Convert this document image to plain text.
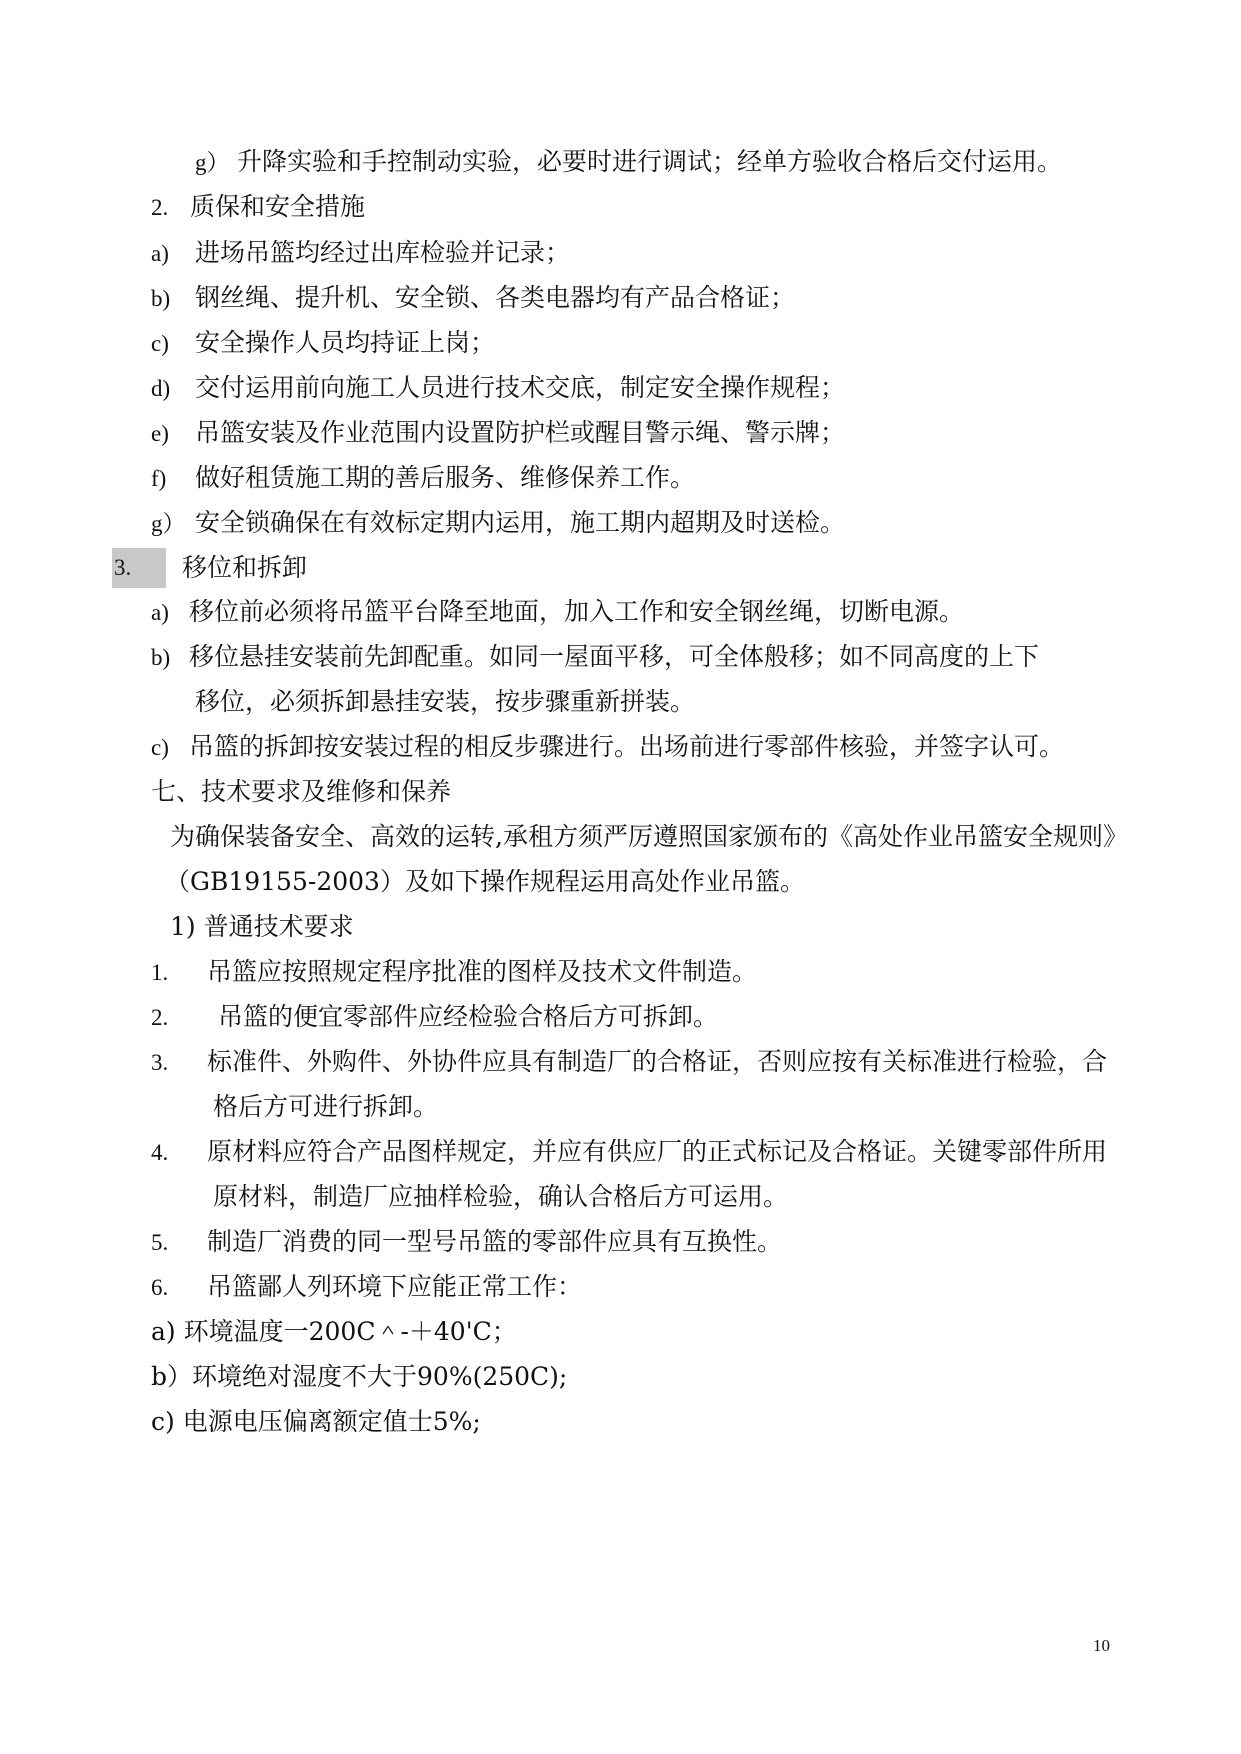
g） 升降实验和手控制动实验，必要时进行调试；经单方验收合格后交付运用。
2. 质保和安全措施
a) 进场吊篮均经过出库检验并记录；
b) 钢丝绳、提升机、安全锁、各类电器均有产品合格证；
c) 安全操作人员均持证上岗；
d) 交付运用前向施工人员进行技术交底，制定安全操作规程；
e) 吊篮安装及作业范围内设置防护栏或醒目警示绳、警示牌；
f) 做好租赁施工期的善后服务、维修保养工作。
g） 安全锁确保在有效标定期内运用，施工期内超期及时送检。
3. 移位和拆卸
a) 移位前必须将吊篮平台降至地面，加入工作和安全钢丝绳，切断电源。
b) 移位悬挂安装前先卸配重。如同一屋面平移，可全体般移；如不同高度的上下
移位，必须拆卸悬挂安装，按步骤重新拼装。
c) 吊篮的拆卸按安装过程的相反步骤进行。出场前进行零部件核验，并签字认可。
七、技术要求及维修和保养
为确保装备安全、高效的运转,承租方须严厉遵照国家颁布的《高处作业吊篮安全规则》
（GB19155-2003）及如下操作规程运用高处作业吊篮。
1) 普通技术要求
1. 吊篮应按照规定程序批准的图样及技术文件制造。
2. 吊篮的便宜零部件应经检验合格后方可拆卸。
3. 标准件、外购件、外协件应具有制造厂的合格证，否则应按有关标准进行检验，合
格后方可进行拆卸。
4. 原材料应符合产品图样规定，并应有供应厂的正式标记及合格证。关键零部件所用
原材料，制造厂应抽样检验，确认合格后方可运用。
5. 制造厂消费的同一型号吊篮的零部件应具有互换性。
6. 吊篮鄙人列环境下应能正常工作：
a) 环境温度一200C＾-＋40'C；
b）环境绝对湿度不大于90%(250C);
c) 电源电压偏离额定值士5%;
10
